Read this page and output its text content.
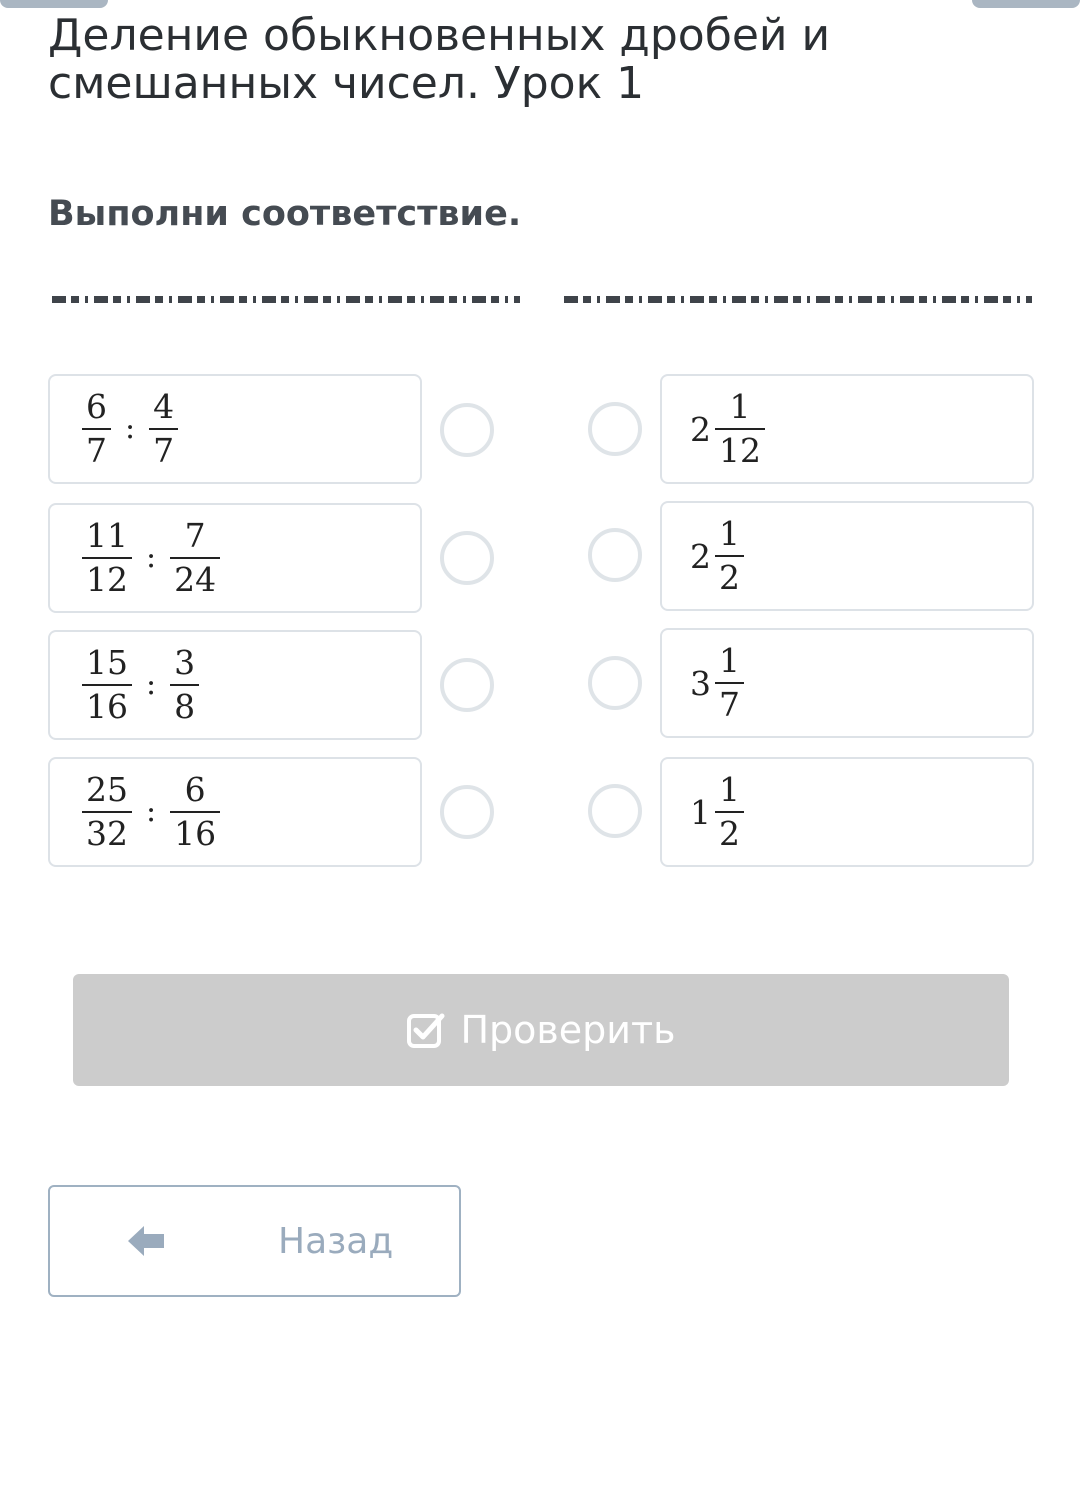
Деление обыкновенных дробей и смешанных чисел. Урок 1
Выполни соответствие.
$\frac{6}{7}$ : $\frac{4}{7}$
$\frac{11}{12}$ : $\frac{7}{24}$
$\frac{15}{16}$ : $\frac{3}{8}$
$\frac{25}{32}$ : $\frac{6}{16}$
$2 \frac{1}{12}$
$2 \frac{1}{2}$
$3 \frac{1}{7}$
$1 \frac{1}{2}$
Проверить
Назад
